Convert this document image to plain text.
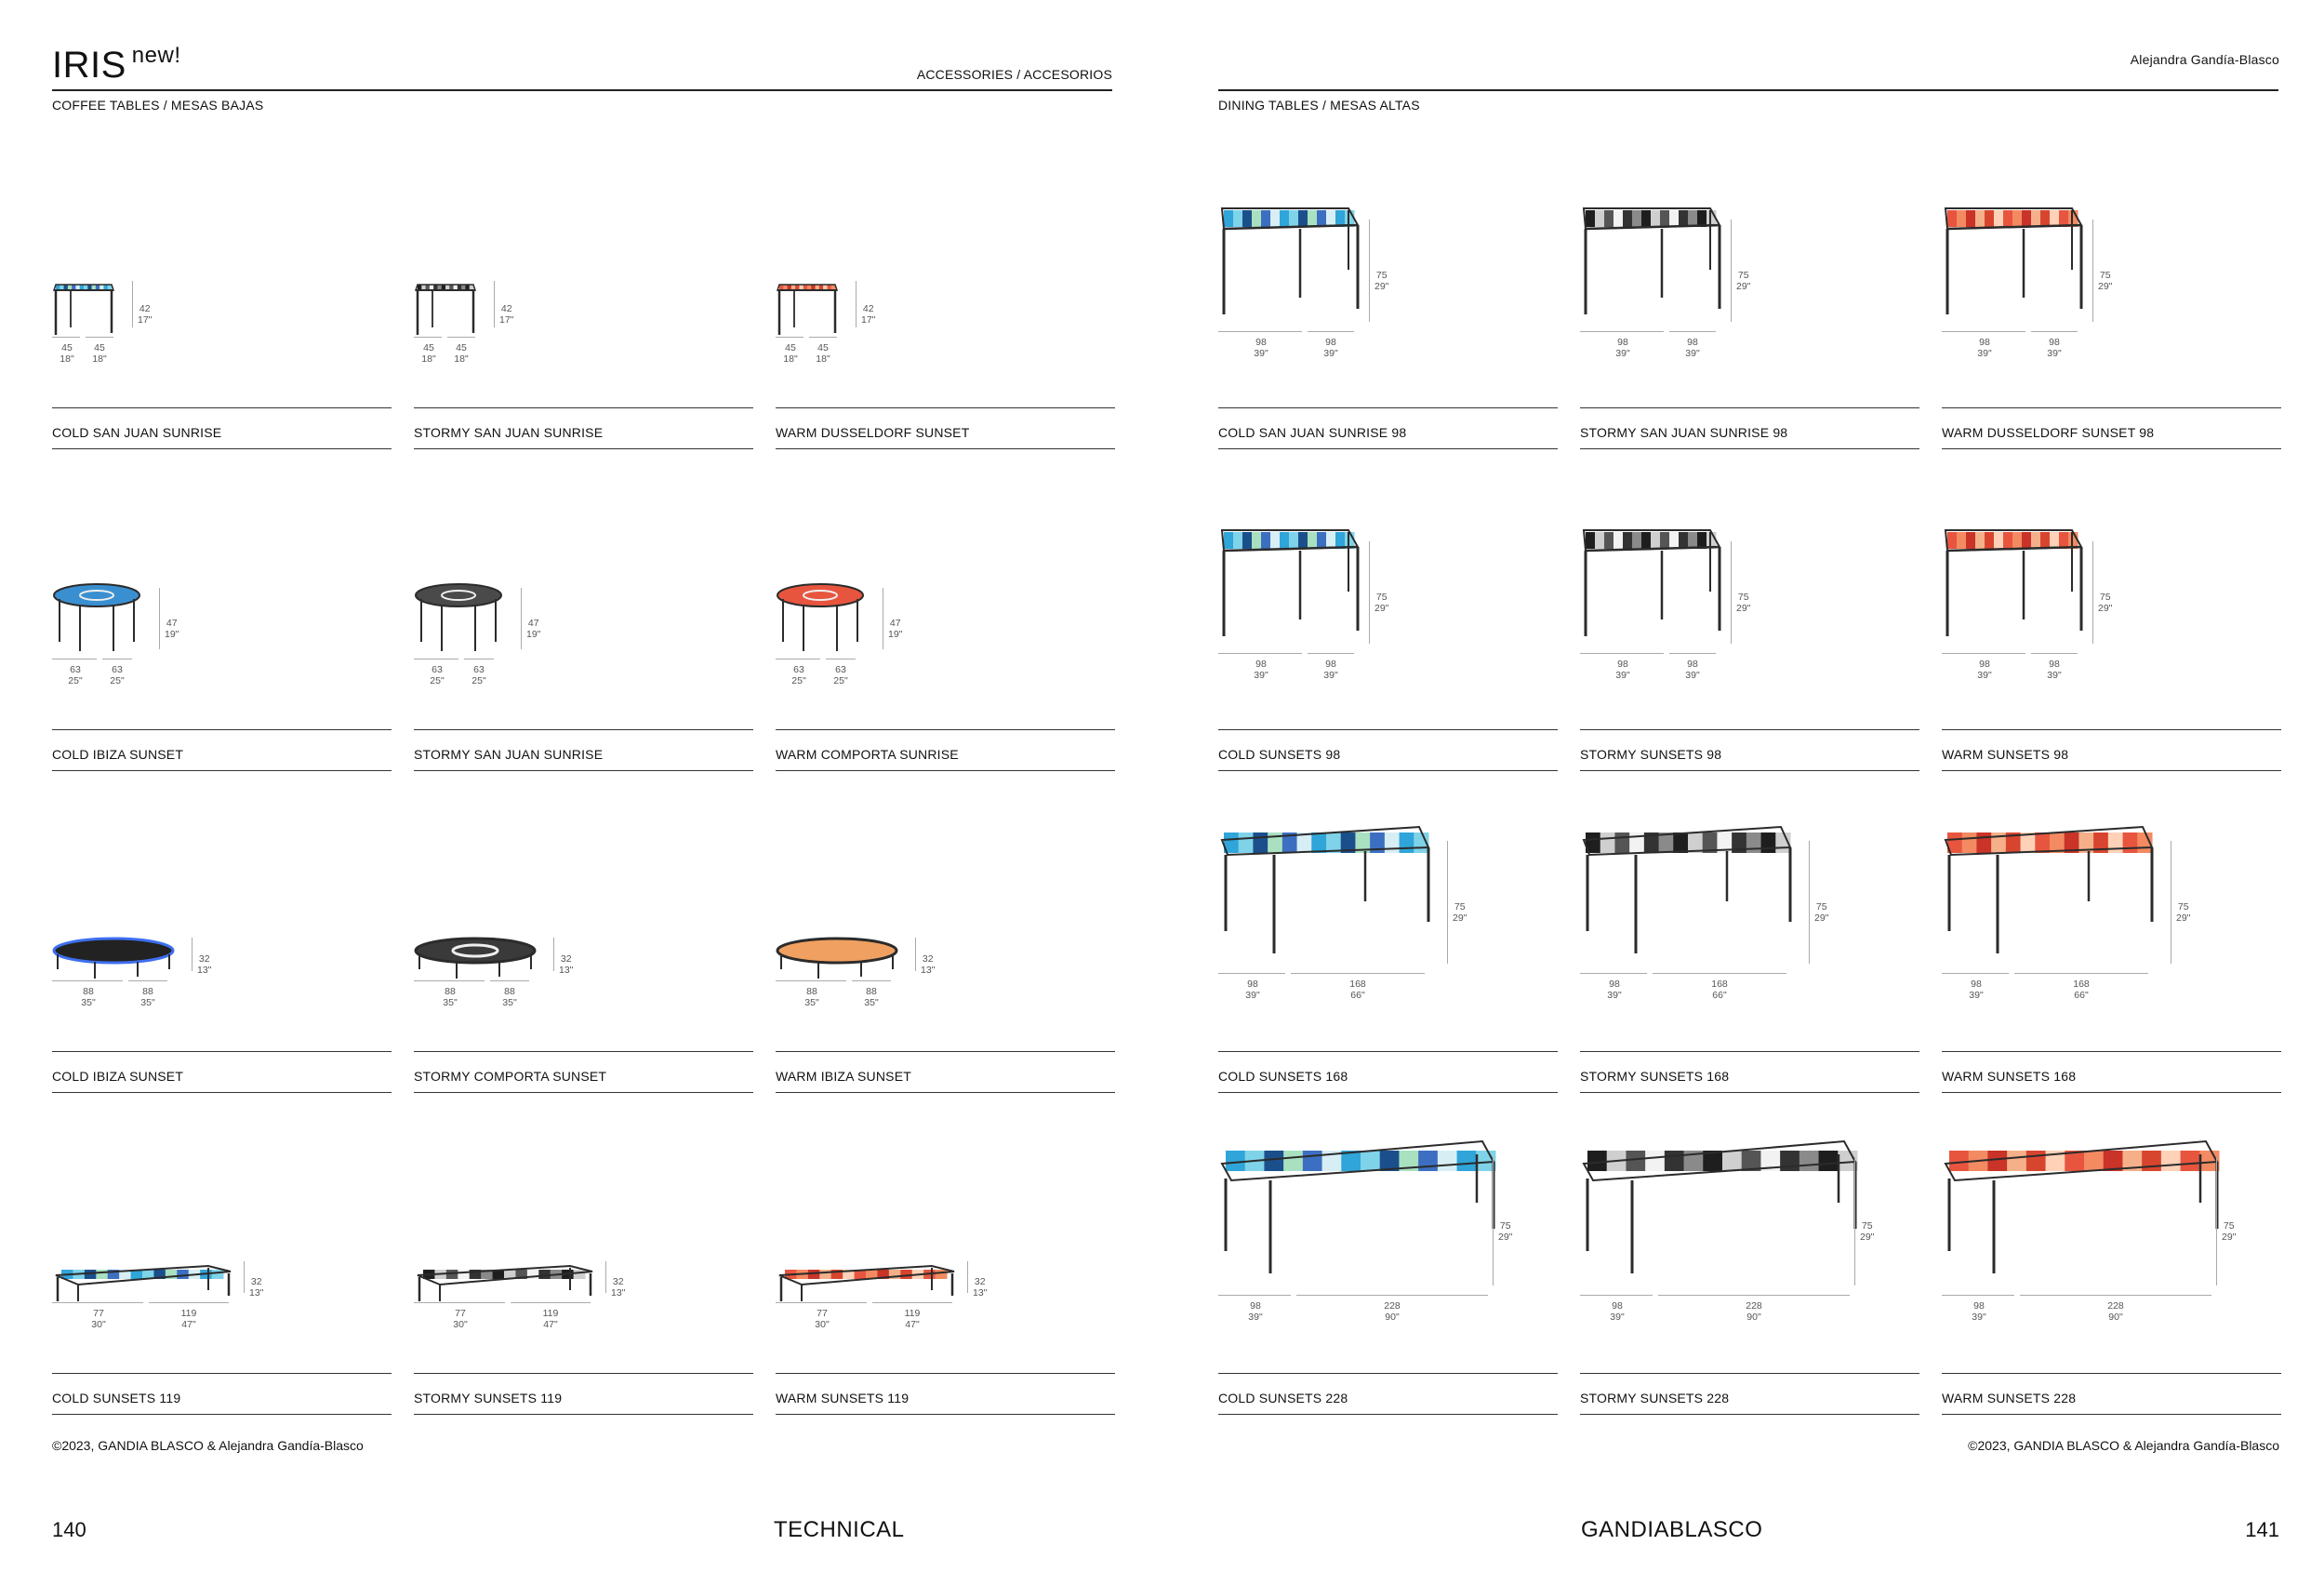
IRIS $^{new!}$
ACCESSORIES / ACCESORIOS
COFFEE TABLES / MESAS BAJAS
Alejandra Gandía-Blasco
DINING TABLES / MESAS ALTAS
42
17"
45
18"
45
18"
COLD SAN JUAN SUNRISE
42
17"
45
18"
45
18"
STORMY SAN JUAN SUNRISE
42
17"
45
18"
45
18"
WARM DUSSELDORF SUNSET
47
19"
63
25"
63
25"
COLD IBIZA SUNSET
47
19"
63
25"
63
25"
STORMY SAN JUAN SUNRISE
47
19"
63
25"
63
25"
WARM COMPORTA SUNRISE
32
13"
88
35"
88
35"
COLD IBIZA SUNSET
32
13"
88
35"
88
35"
STORMY COMPORTA SUNSET
32
13"
88
35"
88
35"
WARM IBIZA SUNSET
32
13"
77
30"
119
47"
COLD SUNSETS 119
32
13"
77
30"
119
47"
STORMY SUNSETS 119
32
13"
77
30"
119
47"
WARM SUNSETS 119
75
29"
98
39"
98
39"
COLD SAN JUAN SUNRISE 98
75
29"
98
39"
98
39"
STORMY SAN JUAN SUNRISE 98
75
29"
98
39"
98
39"
WARM DUSSELDORF SUNSET 98
75
29"
98
39"
98
39"
COLD SUNSETS 98
75
29"
98
39"
98
39"
STORMY SUNSETS 98
75
29"
98
39"
98
39"
WARM SUNSETS 98
75
29"
98
39"
168
66"
COLD SUNSETS 168
75
29"
98
39"
168
66"
STORMY SUNSETS 168
75
29"
98
39"
168
66"
WARM SUNSETS 168
75
29"
98
39"
228
90"
COLD SUNSETS 228
75
29"
98
39"
228
90"
STORMY SUNSETS 228
75
29"
98
39"
228
90"
WARM SUNSETS 228
©2023, GANDIA BLASCO & Alejandra Gandía-Blasco	©2023, GANDIA BLASCO & Alejandra Gandía-Blasco
140	TECHNICAL	GANDIABLASCO	141
